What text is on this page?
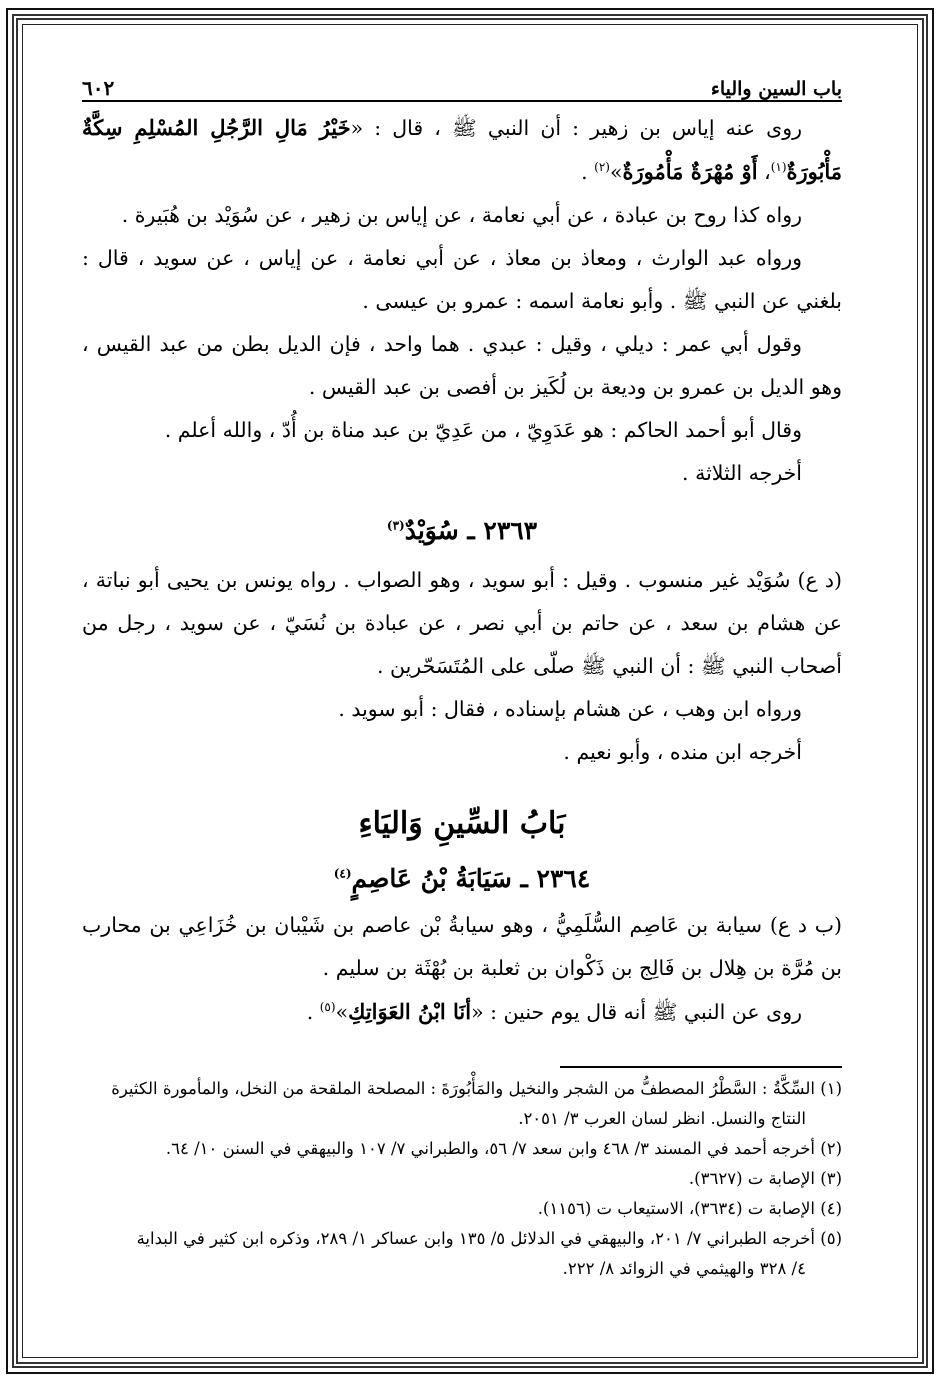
باب السين والياء
٦٠٢

روى عنه إياس بن زهير : أن النبي ﷺ ، قال : «خَيْرُ مَالِ الرَّجُلِ المُسْلِمِ سِكَّةٌ مَأْبُورَةٌ$^{(١)}$، أَوْ مُهْرَةٌ مَأْمُورَةٌ»$^{(٢)}$ .

رواه كذا روح بن عبادة ، عن أبي نعامة ، عن إياس بن زهير ، عن سُوَيْد بن هُبَيرة .

ورواه عبد الوارث ، ومعاذ بن معاذ ، عن أبي نعامة ، عن إياس ، عن سويد ، قال : بلغني عن النبي ﷺ . وأبو نعامة اسمه : عمرو بن عيسى .

وقول أبي عمر : ديلي ، وقيل : عبدي . هما واحد ، فإن الديل بطن من عبد القيس ، وهو الديل بن عمرو بن وديعة بن لُكَيز بن أفصى بن عبد القيس .

وقال أبو أحمد الحاكم : هو عَدَوِيّ ، من عَدِيّ بن عبد مناة بن أُدّ ، والله أعلم .

أخرجه الثلاثة .

٢٣٦٣ ـ سُوَيْدٌ$^{(٣)}$

(د ع) سُوَيْد غير منسوب . وقيل : أبو سويد ، وهو الصواب . رواه يونس بن يحيى أبو نباتة ، عن هشام بن سعد ، عن حاتم بن أبي نصر ، عن عبادة بن نُسَيّ ، عن سويد ، رجل من أصحاب النبي ﷺ : أن النبي ﷺ صلّى على المُتَسَحّرين .

ورواه ابن وهب ، عن هشام بإسناده ، فقال : أبو سويد .

أخرجه ابن منده ، وأبو نعيم .

بَابُ السِّينِ وَاليَاءِ
٢٣٦٤ ـ سَيَابَةُ بْنُ عَاصِمٍ$^{(٤)}$

(ب د ع) سيابة بن عَاصِم السُّلَمِيُّ ، وهو سيابةُ بْن عاصم بن شَيْبان بن خُزَاعِي بن محارب بن مُرَّة بن هِلال بن فَالِج بن ذَكْوان بن ثعلبة بن بُهْثَة بن سليم .

روى عن النبي ﷺ أنه قال يوم حنين : «أنَا ابْنُ العَوَاتِكِ»$^{(٥)}$ .

(١) السِّكَّةُ : السَّطْرُ المصطفُّ من الشجر والنخيل والمَأْبُورَةَ : المصلحة الملقحة من النخل، والمأمورة الكثيرة

النتاج والنسل. انظر لسان العرب ٣/ ٢٠٥١.

(٢) أخرجه أحمد في المسند ٣/ ٤٦٨ وابن سعد ٧/ ٥٦، والطبراني ٧/ ١٠٧ والبيهقي في السنن ١٠/ ٦٤.

(٣) الإصابة ت (٣٦٢٧).

(٤) الإصابة ت (٣٦٣٤)، الاستيعاب ت (١١٥٦).

(٥) أخرجه الطبراني ٧/ ٢٠١، والبيهقي في الدلائل ٥/ ١٣٥ وابن عساكر ١/ ٢٨٩، وذكره ابن كثير في البداية

٤/ ٣٢٨ والهيثمي في الزوائد ٨/ ٢٢٢.
